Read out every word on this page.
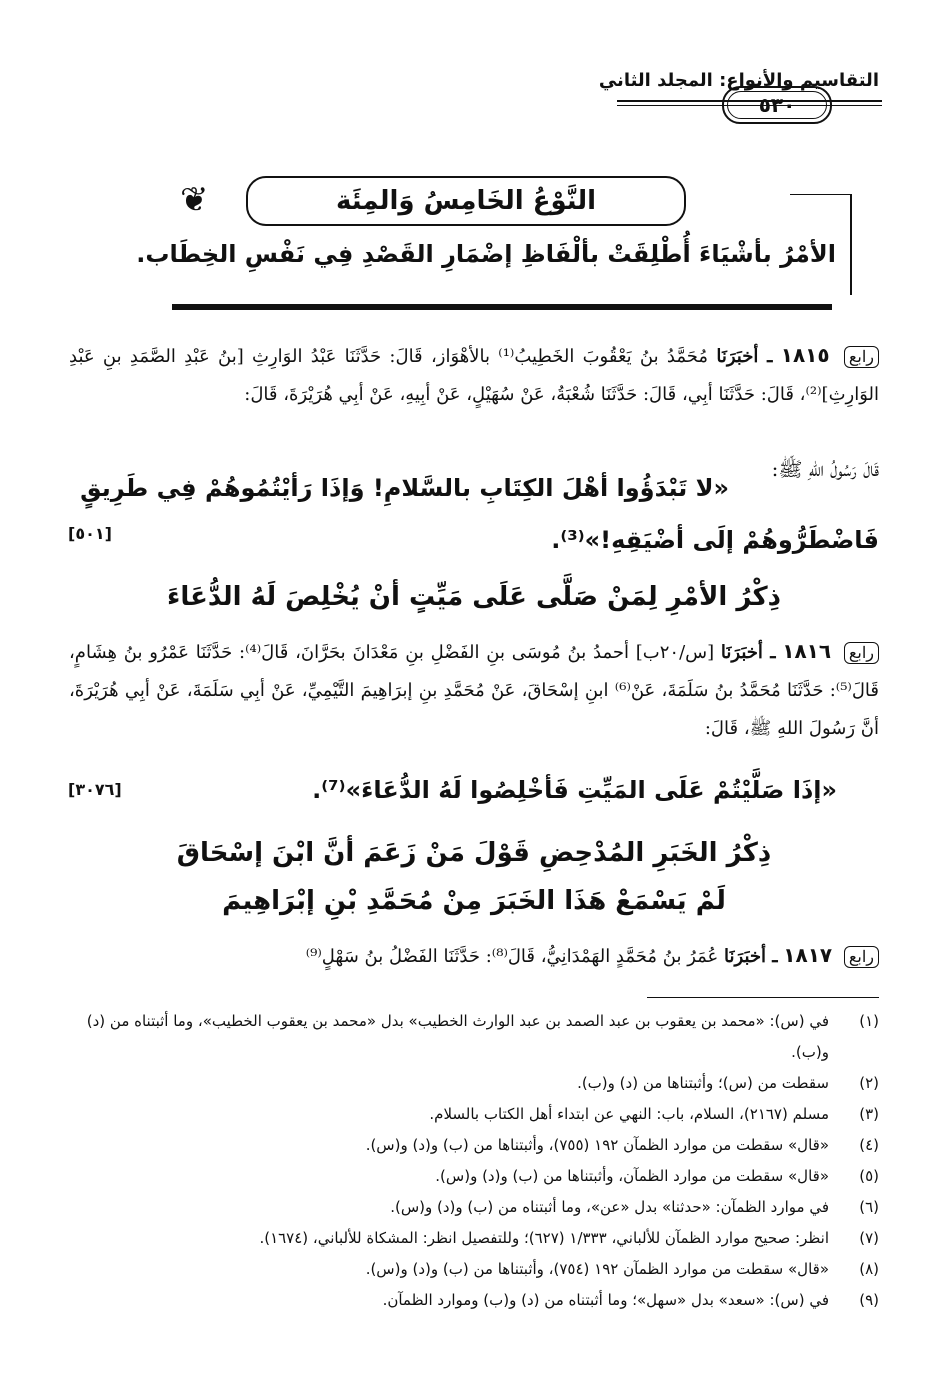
التقاسيم والأنواع: المجلد الثاني
٥٣٠
❦	النَّوْعُ الخَامِسُ وَالمِئَة
الأمْرُ بأشْيَاءَ أُطْلِقَتْ بألْفَاظِ إضْمَارِ القَصْدِ فِي نَفْسِ الخِطَاب.
رابع ١٨١٥ ـ أخبَرَنَا مُحَمَّدُ بنُ يَعْقُوبَ الخَطِيبُ⁽¹⁾ بالأهْوَاز، قَالَ: حَدَّثَنَا عَبْدُ الوَارِثِ [بنُ عَبْدِ الصَّمَدِ بنِ عَبْدِ الوَارِثِ]⁽²⁾، قَالَ: حَدَّثَنَا أبِي، قَالَ: حَدَّثَنَا شُعْبَةُ، عَنْ سُهَيْلٍ، عَنْ أبِيهِ، عَنْ أبِي هُرَيْرَةَ، قَالَ:
قَالَ رَسُولُ اللهِ ﷺ:
«لا تَبْدَؤُوا أهْلَ الكِتَابِ بالسَّلامِ! وَإذَا رَأيْتُمُوهُمْ فِي طَرِيقٍ فَاضْطَرُّوهُمْ إلَى أضْيَقِهِ!»⁽³⁾.
[٥٠١]
ذِكْرُ الأمْرِ لِمَنْ صَلَّى عَلَى مَيِّتٍ أنْ يُخْلِصَ لَهُ الدُّعَاءَ
رابع ١٨١٦ ـ أخبَرَنَا [س/٢٠ب] أحمدُ بنُ مُوسَى بنِ الفَضْلِ بنِ مَعْدَانَ بحَرَّانَ، قَالَ⁽⁴⁾: حَدَّثَنَا عَمْرُو بنُ هِشَامٍ، قَالَ⁽⁵⁾: حَدَّثَنَا مُحَمَّدُ بنُ سَلَمَةَ، عَنْ⁽⁶⁾ ابنِ إسْحَاقَ، عَنْ مُحَمَّدِ بنِ إبرَاهِيمَ التَّيْمِيِّ، عَنْ أبِي سَلَمَةَ، عَنْ أبِي هُرَيْرَةَ، أنَّ رَسُولَ اللهِ ﷺ، قَالَ:
«إذَا صَلَّيْتُمْ عَلَى المَيِّتِ فَأخْلِصُوا لَهُ الدُّعَاءَ»⁽⁷⁾.
[٣٠٧٦]
ذِكْرُ الخَبَرِ المُدْحِضِ قَوْلَ مَنْ زَعَمَ أنَّ ابْنَ إسْحَاقَ
لَمْ يَسْمَعْ هَذَا الخَبَرَ مِنْ مُحَمَّدِ بْنِ إبْرَاهِيمَ
رابع ١٨١٧ ـ أخبَرَنَا عُمَرُ بنُ مُحَمَّدٍ الهَمْدَانِيُّ، قَالَ⁽⁸⁾: حَدَّثَنَا الفَضْلُ بنُ سَهْلٍ⁽⁹⁾
(١)
في (س): «محمد بن يعقوب بن عبد الصمد بن عبد الوارث الخطيب» بدل «محمد بن يعقوب الخطيب»، وما أثبتناه من (د) و(ب).
(٢)
سقطت من (س)؛ وأثبتناها من (د) و(ب).
(٣)
مسلم (٢١٦٧)، السلام، باب: النهي عن ابتداء أهل الكتاب بالسلام.
(٤)
«قال» سقطت من موارد الظمآن ١٩٢ (٧٥٥)، وأثبتناها من (ب) و(د) و(س).
(٥)
«قال» سقطت من موارد الظمآن، وأثبتناها من (ب) و(د) و(س).
(٦)
في موارد الظمآن: «حدثنا» بدل «عن»، وما أثبتناه من (ب) و(د) و(س).
(٧)
انظر: صحيح موارد الظمآن للألباني، ١/٣٣٣ (٦٢٧)؛ وللتفصيل انظر: المشكاة للألباني، (١٦٧٤).
(٨)
«قال» سقطت من موارد الظمآن ١٩٢ (٧٥٤)، وأثبتناها من (ب) و(د) و(س).
(٩)
في (س): «سعد» بدل «سهل»؛ وما أثبتناه من (د) و(ب) وموارد الظمآن.
